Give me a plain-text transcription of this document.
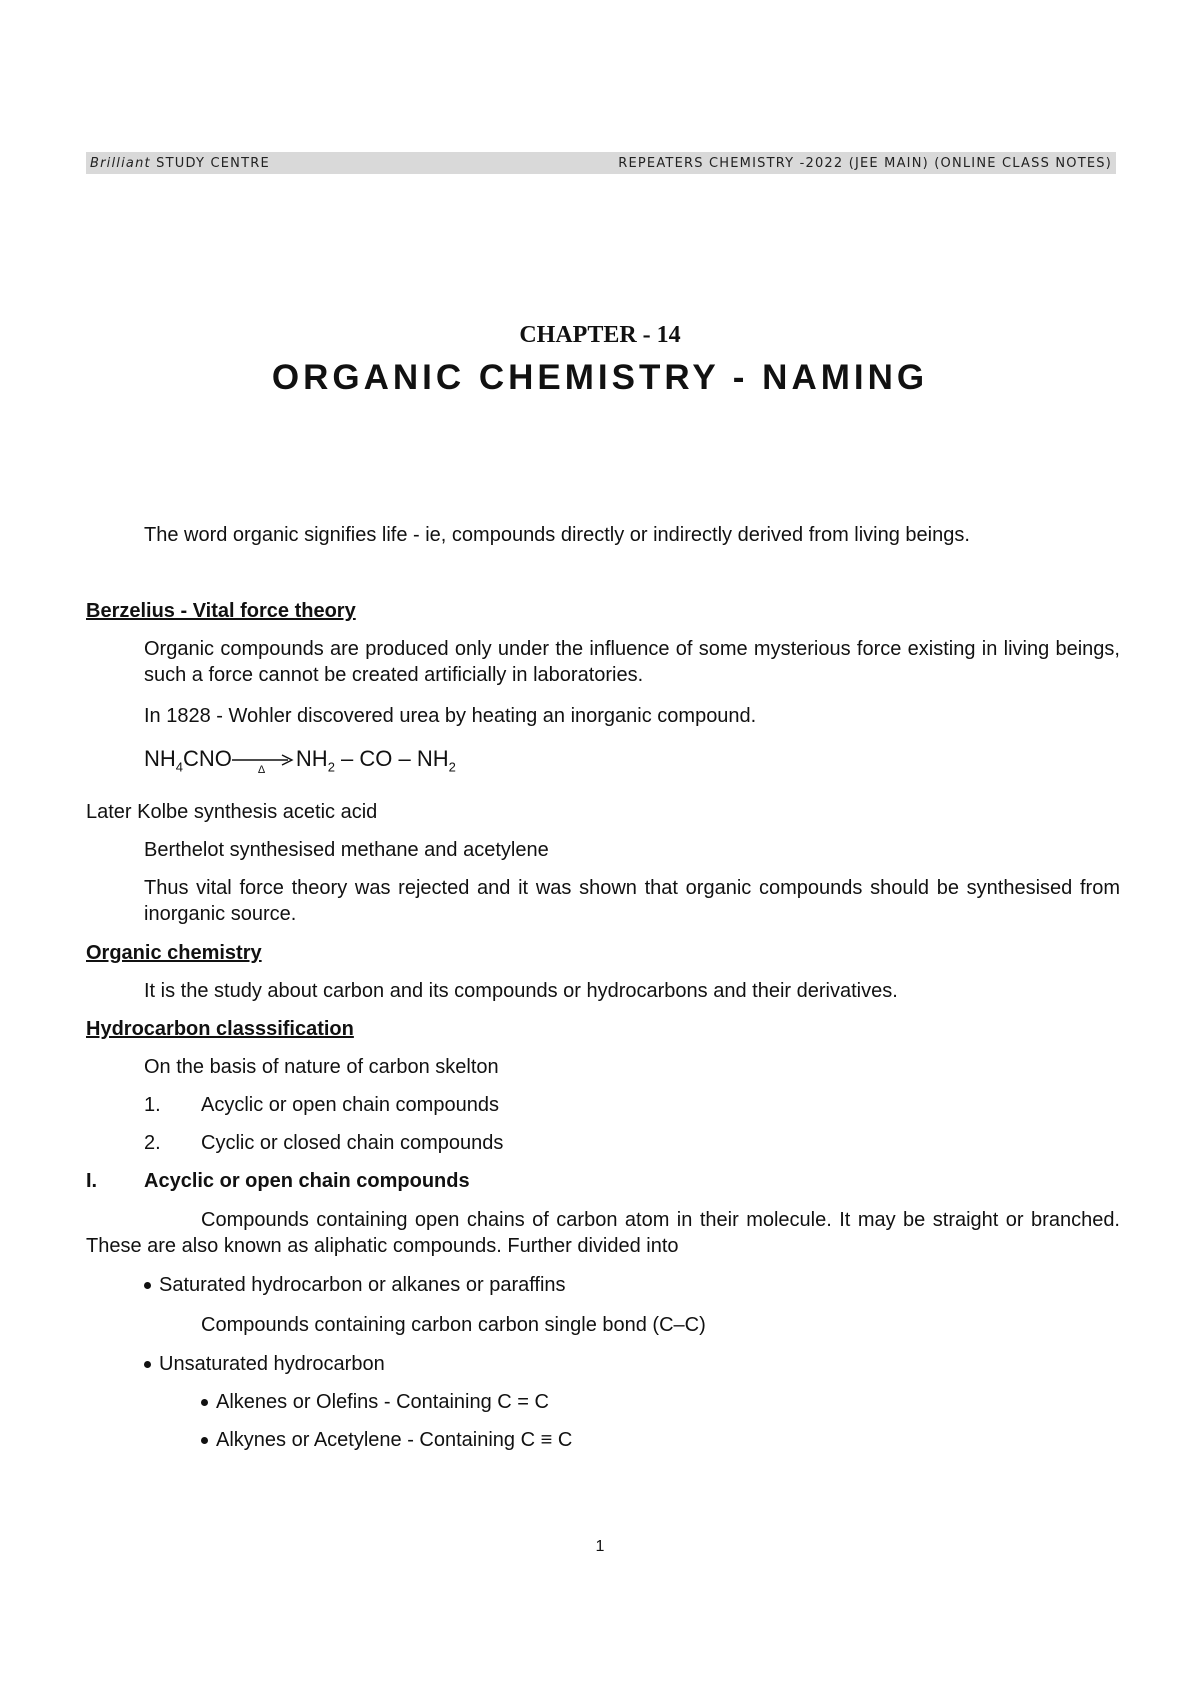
Brilliant STUDY CENTRE	REPEATERS CHEMISTRY -2022 (JEE MAIN) (ONLINE CLASS NOTES)
CHAPTER - 14
ORGANIC CHEMISTRY - NAMING
The word organic signifies life - ie, compounds directly or indirectly derived from living beings.
Berzelius - Vital force theory
Organic compounds are produced only under the influence of some mysterious force existing in living beings, such a force cannot be created artificially in laboratories.
In 1828 - Wohler discovered urea by heating an inorganic compound.
$NH_4CNO$ Δ $NH_2$ – CO – $NH_2$
Later Kolbe synthesis acetic acid
Berthelot synthesised methane and acetylene
Thus vital force theory was rejected and it was shown that organic compounds should be synthesised from inorganic source.
Organic chemistry
It is the study about carbon and its compounds or hydrocarbons and their derivatives.
Hydrocarbon classsification
On the basis of nature of carbon skelton
1. Acyclic or open chain compounds
2. Cyclic or closed chain compounds
I. Acyclic or open chain compounds
Compounds containing open chains of carbon atom in their molecule. It may be straight or branched. These are also known as aliphatic compounds. Further divided into
Saturated hydrocarbon or alkanes or paraffins
Compounds containing carbon carbon single bond (C–C)
Unsaturated hydrocarbon
Alkenes or Olefins - Containing C = C
Alkynes or Acetylene - Containing C ≡ C
1
